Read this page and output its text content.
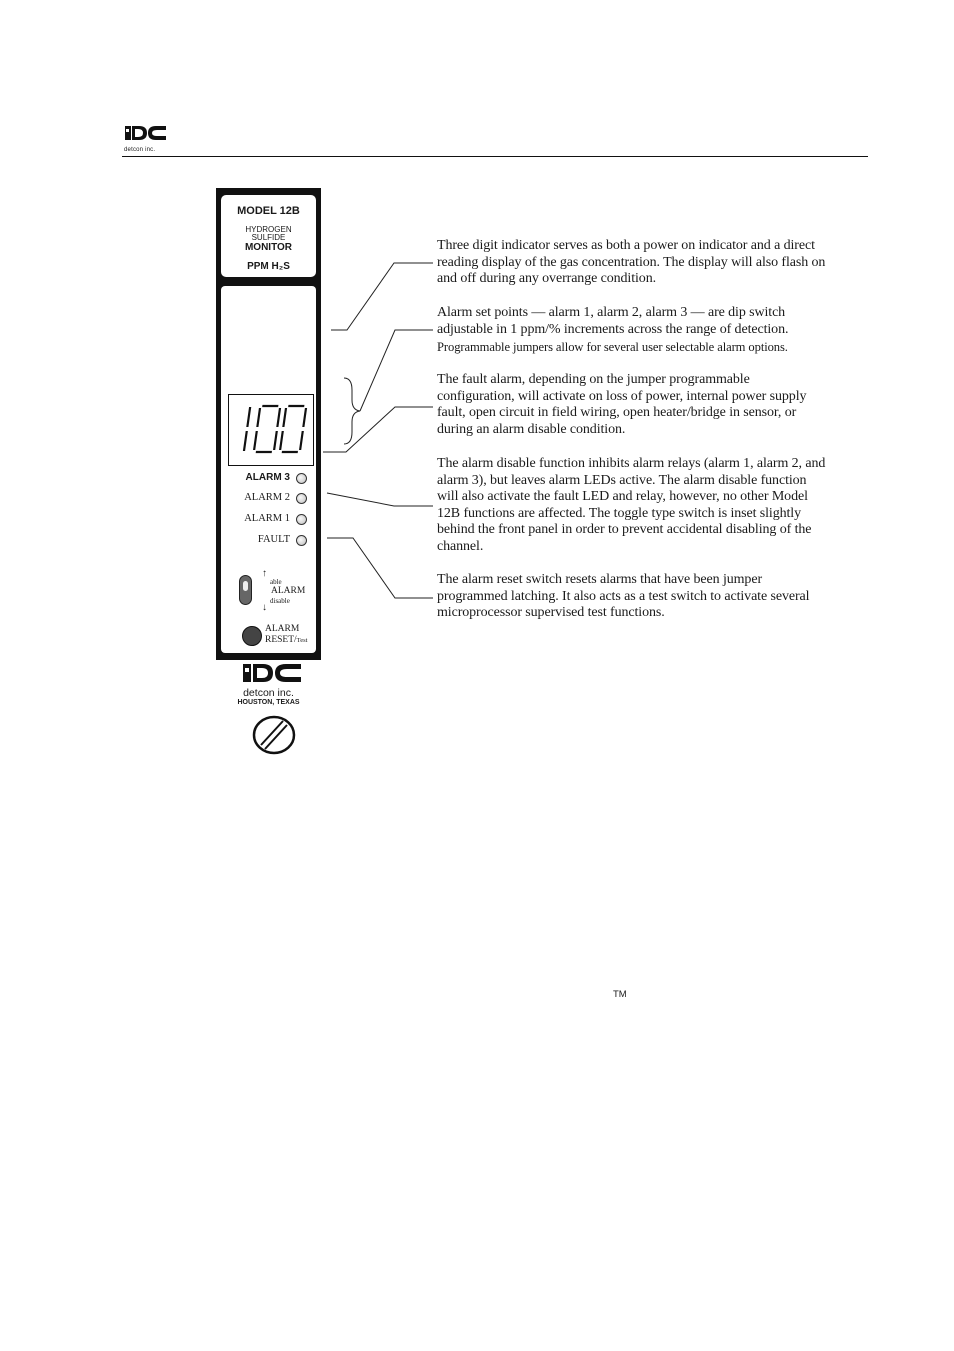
detcon inc.
MODEL 12B
HYDROGEN
SULFIDE
MONITOR
PPM H₂S
ALARM 3
ALARM 2
ALARM 1
FAULT
↑
able
ALARM
disable
↓
ALARM
RESET/Test
detcon inc.
HOUSTON, TEXAS
Three digit indicator serves as both a power on indicator and a direct reading display of the gas concentration. The display will also flash on and off during any overrange condition.
Alarm set points — alarm 1, alarm 2, alarm 3 — are dip switch adjustable in 1 ppm/% increments across the range of detection.
Programmable jumpers allow for several user selectable alarm options.
The fault alarm, depending on the jumper programmable configuration, will activate on loss of power, internal power supply fault, open circuit in field wiring, open heater/bridge in sensor, or during an alarm disable condition.
The alarm disable function inhibits alarm relays (alarm 1, alarm 2, and alarm 3), but leaves alarm LEDs active. The alarm disable function will also activate the fault LED and relay, however, no other Model 12B functions are affected. The toggle type switch is inset slightly behind the front panel in order to prevent accidental disabling of the channel.
The alarm reset switch resets alarms that have been jumper programmed latching. It also acts as a test switch to activate several microprocessor supervised test functions.
TM
